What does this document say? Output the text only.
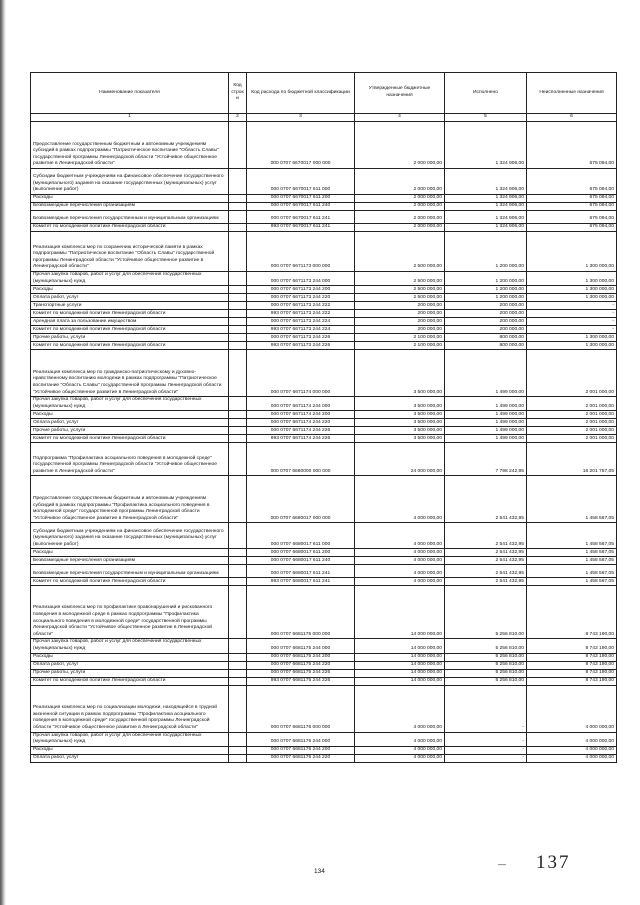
Наименование показателя	Код строки	Код расхода по бюджетной классификации	Утвержденные бюджетные назначения	Исполнено	Неисполненные назначения
1	2	3	4	5	6
Предоставление государственным бюджетным и автономным учреждениям субсидий в рамках подпрограммы "Патриотическое воспитание "Область Славы" государственной программы Ленинградской области "Устойчивое общественное развитие в Ленинградской области"		000 0707 6670017 000 000	2 000 000,00	1 324 906,00	675 094,00
Субсидии бюджетным учреждениям на финансовое обеспечение государственного (муниципального) задания на оказание государственных (муниципальных) услуг (выполнение работ)		000 0707 6670017 611 000	2 000 000,00	1 324 906,00	675 094,00
Расходы		000 0707 6670017 611 200	2 000 000,00	1 324 906,00	675 094,00
Безвозмездные перечисления организациям		000 0707 6670017 611 240	2 000 000,00	1 324 906,00	675 094,00
Безвозмездные перечисления государственным и муниципальным организациям		000 0707 6670017 611 241	2 000 000,00	1 324 906,00	675 094,00
Комитет по молодежной политике Ленинградской области		993 0707 6670017 611 241	2 000 000,00	1 324 906,00	675 094,00
Реализация комплекса мер по сохранению исторической памяти в рамках подпрограммы "Патриотическое воспитание "Область Славы" государственной программы Ленинградской области "Устойчивое общественное развитие в Ленинградской области"		000 0707 6671173 000 000	2 500 000,00	1 200 000,00	1 300 000,00
Прочая закупка товаров, работ и услуг для обеспечения государственных (муниципальных) нужд		000 0707 6671173 244 000	2 500 000,00	1 200 000,00	1 300 000,00
Расходы		000 0707 6671173 244 200	2 500 000,00	1 200 000,00	1 300 000,00
Оплата работ, услуг		000 0707 6671173 244 220	2 500 000,00	1 200 000,00	1 300 000,00
Транспортные услуги		000 0707 6671173 244 222	200 000,00	200 000,00	-
Комитет по молодежной политике Ленинградской области		993 0707 6671173 244 222	200 000,00	200 000,00	-
Арендная плата за пользование имуществом		000 0707 6671173 244 224	200 000,00	200 000,00	-
Комитет по молодежной политике Ленинградской области		993 0707 6671173 244 224	200 000,00	200 000,00	-
Прочие работы, услуги		000 0707 6671173 244 226	2 100 000,00	800 000,00	1 300 000,00
Комитет по молодежной политике Ленинградской области		993 0707 6671173 244 226	2 100 000,00	800 000,00	1 300 000,00
Реализация комплекса мер по гражданско-патриотическому и духовно-нравственному воспитанию молодежи в рамках подпрограммы "Патриотическое воспитание "Область Славы" государственной программы Ленинградской области "Устойчивое общественное развитие в Ленинградской области"		000 0707 6671174 000 000	3 500 000,00	1 499 000,00	2 001 000,00
Прочая закупка товаров, работ и услуг для обеспечения государственных (муниципальных) нужд		000 0707 6671174 244 000	3 500 000,00	1 499 000,00	2 001 000,00
Расходы		000 0707 6671174 244 200	3 500 000,00	1 499 000,00	2 001 000,00
Оплата работ, услуг		000 0707 6671174 244 220	3 500 000,00	1 499 000,00	2 001 000,00
Прочие работы, услуги		000 0707 6671174 244 226	3 500 000,00	1 499 000,00	2 001 000,00
Комитет по молодежной политике Ленинградской области		993 0707 6671174 244 226	3 500 000,00	1 499 000,00	2 001 000,00
Подпрограмма "Профилактика асоциального поведения в молодежной среде" государственной программы Ленинградской области "Устойчивое общественное развитие в Ленинградской области"		000 0707 6680000 000 000	24 000 000,00	7 798 242,95	16 201 757,05
Предоставление государственным бюджетным и автономным учреждениям субсидий в рамках подпрограммы "Профилактика асоциального поведения в молодежной среде" государственной программы Ленинградской области "Устойчивое общественное развитие в Ленинградской области"		000 0707 6680017 000 000	4 000 000,00	2 541 432,95	1 458 567,05
Субсидии бюджетным учреждениям на финансовое обеспечение государственного (муниципального) задания на оказание государственных (муниципальных) услуг (выполнение работ)		000 0707 6680017 611 000	4 000 000,00	2 541 432,95	1 458 567,05
Расходы		000 0707 6680017 611 200	4 000 000,00	2 541 432,95	1 458 567,05
Безвозмездные перечисления организациям		000 0707 6680017 611 240	4 000 000,00	2 541 432,95	1 458 567,05
Безвозмездные перечисления государственным и муниципальным организациям		000 0707 6680017 611 241	4 000 000,00	2 541 432,95	1 458 567,05
Комитет по молодежной политике Ленинградской области		993 0707 6680017 611 241	4 000 000,00	2 541 432,95	1 458 567,05
Реализация комплекса мер по профилактике правонарушений и рискованного поведения в молодежной среде в рамках подпрограммы "Профилактика асоциального поведения в молодежной среде" государственной программы Ленинградской области "Устойчивое общественное развитие в Ленинградской области"		000 0707 6681175 000 000	14 000 000,00	5 256 810,00	8 743 190,00
Прочая закупка товаров, работ и услуг для обеспечения государственных (муниципальных) нужд		000 0707 6681175 244 000	14 000 000,00	5 256 810,00	8 743 190,00
Расходы		000 0707 6681175 244 200	14 000 000,00	5 256 810,00	8 743 190,00
Оплата работ, услуг		000 0707 6681175 244 220	14 000 000,00	5 256 810,00	8 743 190,00
Прочие работы, услуги		000 0707 6681175 244 226	14 000 000,00	5 256 810,00	8 743 190,00
Комитет по молодежной политике Ленинградской области		993 0707 6681175 244 226	14 000 000,00	5 256 810,00	8 743 190,00
Реализация комплекса мер по социализации молодежи, находящейся в трудной жизненной ситуации в рамках подпрограммы "Профилактика асоциального поведения в молодежной среде" государственной программы Ленинградской области "Устойчивое общественное развитие в Ленинградской области"		000 0707 6681176 000 000	4 000 000,00	-	4 000 000,00
Прочая закупка товаров, работ и услуг для обеспечения государственных (муниципальных) нужд		000 0707 6681176 244 000	4 000 000,00	-	4 000 000,00
Расходы		000 0707 6681176 244 200	4 000 000,00	-	4 000 000,00
Оплата работ, услуг		000 0707 6681176 244 220	4 000 000,00	-	4 000 000,00
134
— 137
